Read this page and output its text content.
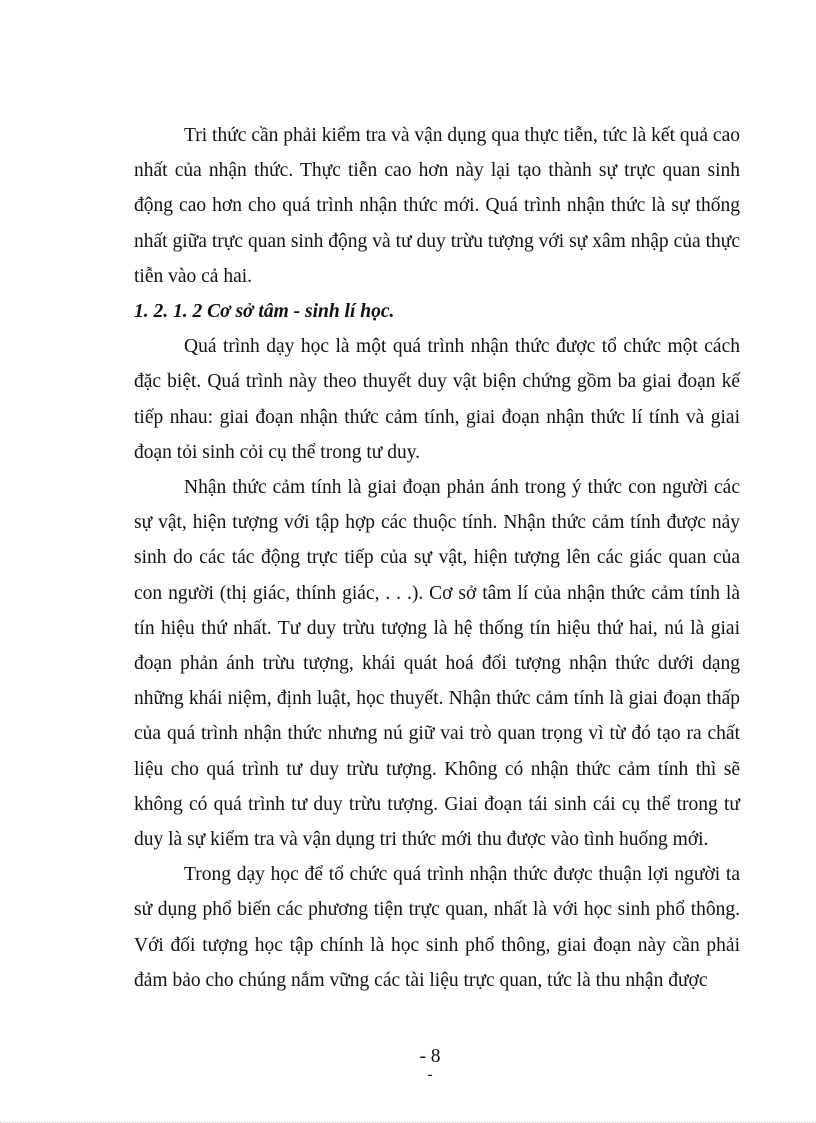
Tri thức cần phải kiểm tra và vận dụng qua thực tiễn, tức là kết quả cao nhất của nhận thức. Thực tiễn cao hơn này lại tạo thành sự trực quan sinh động cao hơn cho quá trình nhận thức mới. Quá trình nhận thức là sự thống nhất giữa trực quan sinh động và tư duy trừu tượng với sự xâm nhập của thực tiễn vào cả hai.

1. 2. 1. 2 Cơ sở tâm - sinh lí học.

Quá trình dạy học là một quá trình nhận thức được tổ chức một cách đặc biệt. Quá trình này theo thuyết duy vật biện chứng gồm ba giai đoạn kế tiếp nhau: giai đoạn nhận thức cảm tính, giai đoạn nhận thức lí tính và giai đoạn tỏi sinh cỏi cụ thể trong tư duy.

Nhận thức cảm tính là giai đoạn phản ánh trong ý thức con người các sự vật, hiện tượng với tập hợp các thuộc tính. Nhận thức cảm tính được nảy sinh do các tác động trực tiếp của sự vật, hiện tượng lên các giác quan của con người (thị giác, thính giác, . . .). Cơ sở tâm lí của nhận thức cảm tính là tín hiệu thứ nhất. Tư duy trừu tượng là hệ thống tín hiệu thứ hai, nú là giai đoạn phản ánh trừu tượng, khái quát hoá đối tượng nhận thức dưới dạng những khái niệm, định luật, học thuyết. Nhận thức cảm tính là giai đoạn thấp của quá trình nhận thức nhưng nú giữ vai trò quan trọng vì từ đó tạo ra chất liệu cho quá trình tư duy trừu tượng. Không có nhận thức cảm tính thì sẽ không có quá trình tư duy trừu tượng. Giai đoạn tái sinh cái cụ thể trong tư duy là sự kiểm tra và vận dụng tri thức mới thu được vào tình huống mới.

Trong dạy học để tổ chức quá trình nhận thức được thuận lợi người ta sử dụng phổ biến các phương tiện trực quan, nhất là với học sinh phổ thông. Với đối tượng học tập chính là học sinh phổ thông, giai đoạn này cần phải đảm bảo cho chúng nắm vững các tài liệu trực quan, tức là thu nhận được

- 8
-
